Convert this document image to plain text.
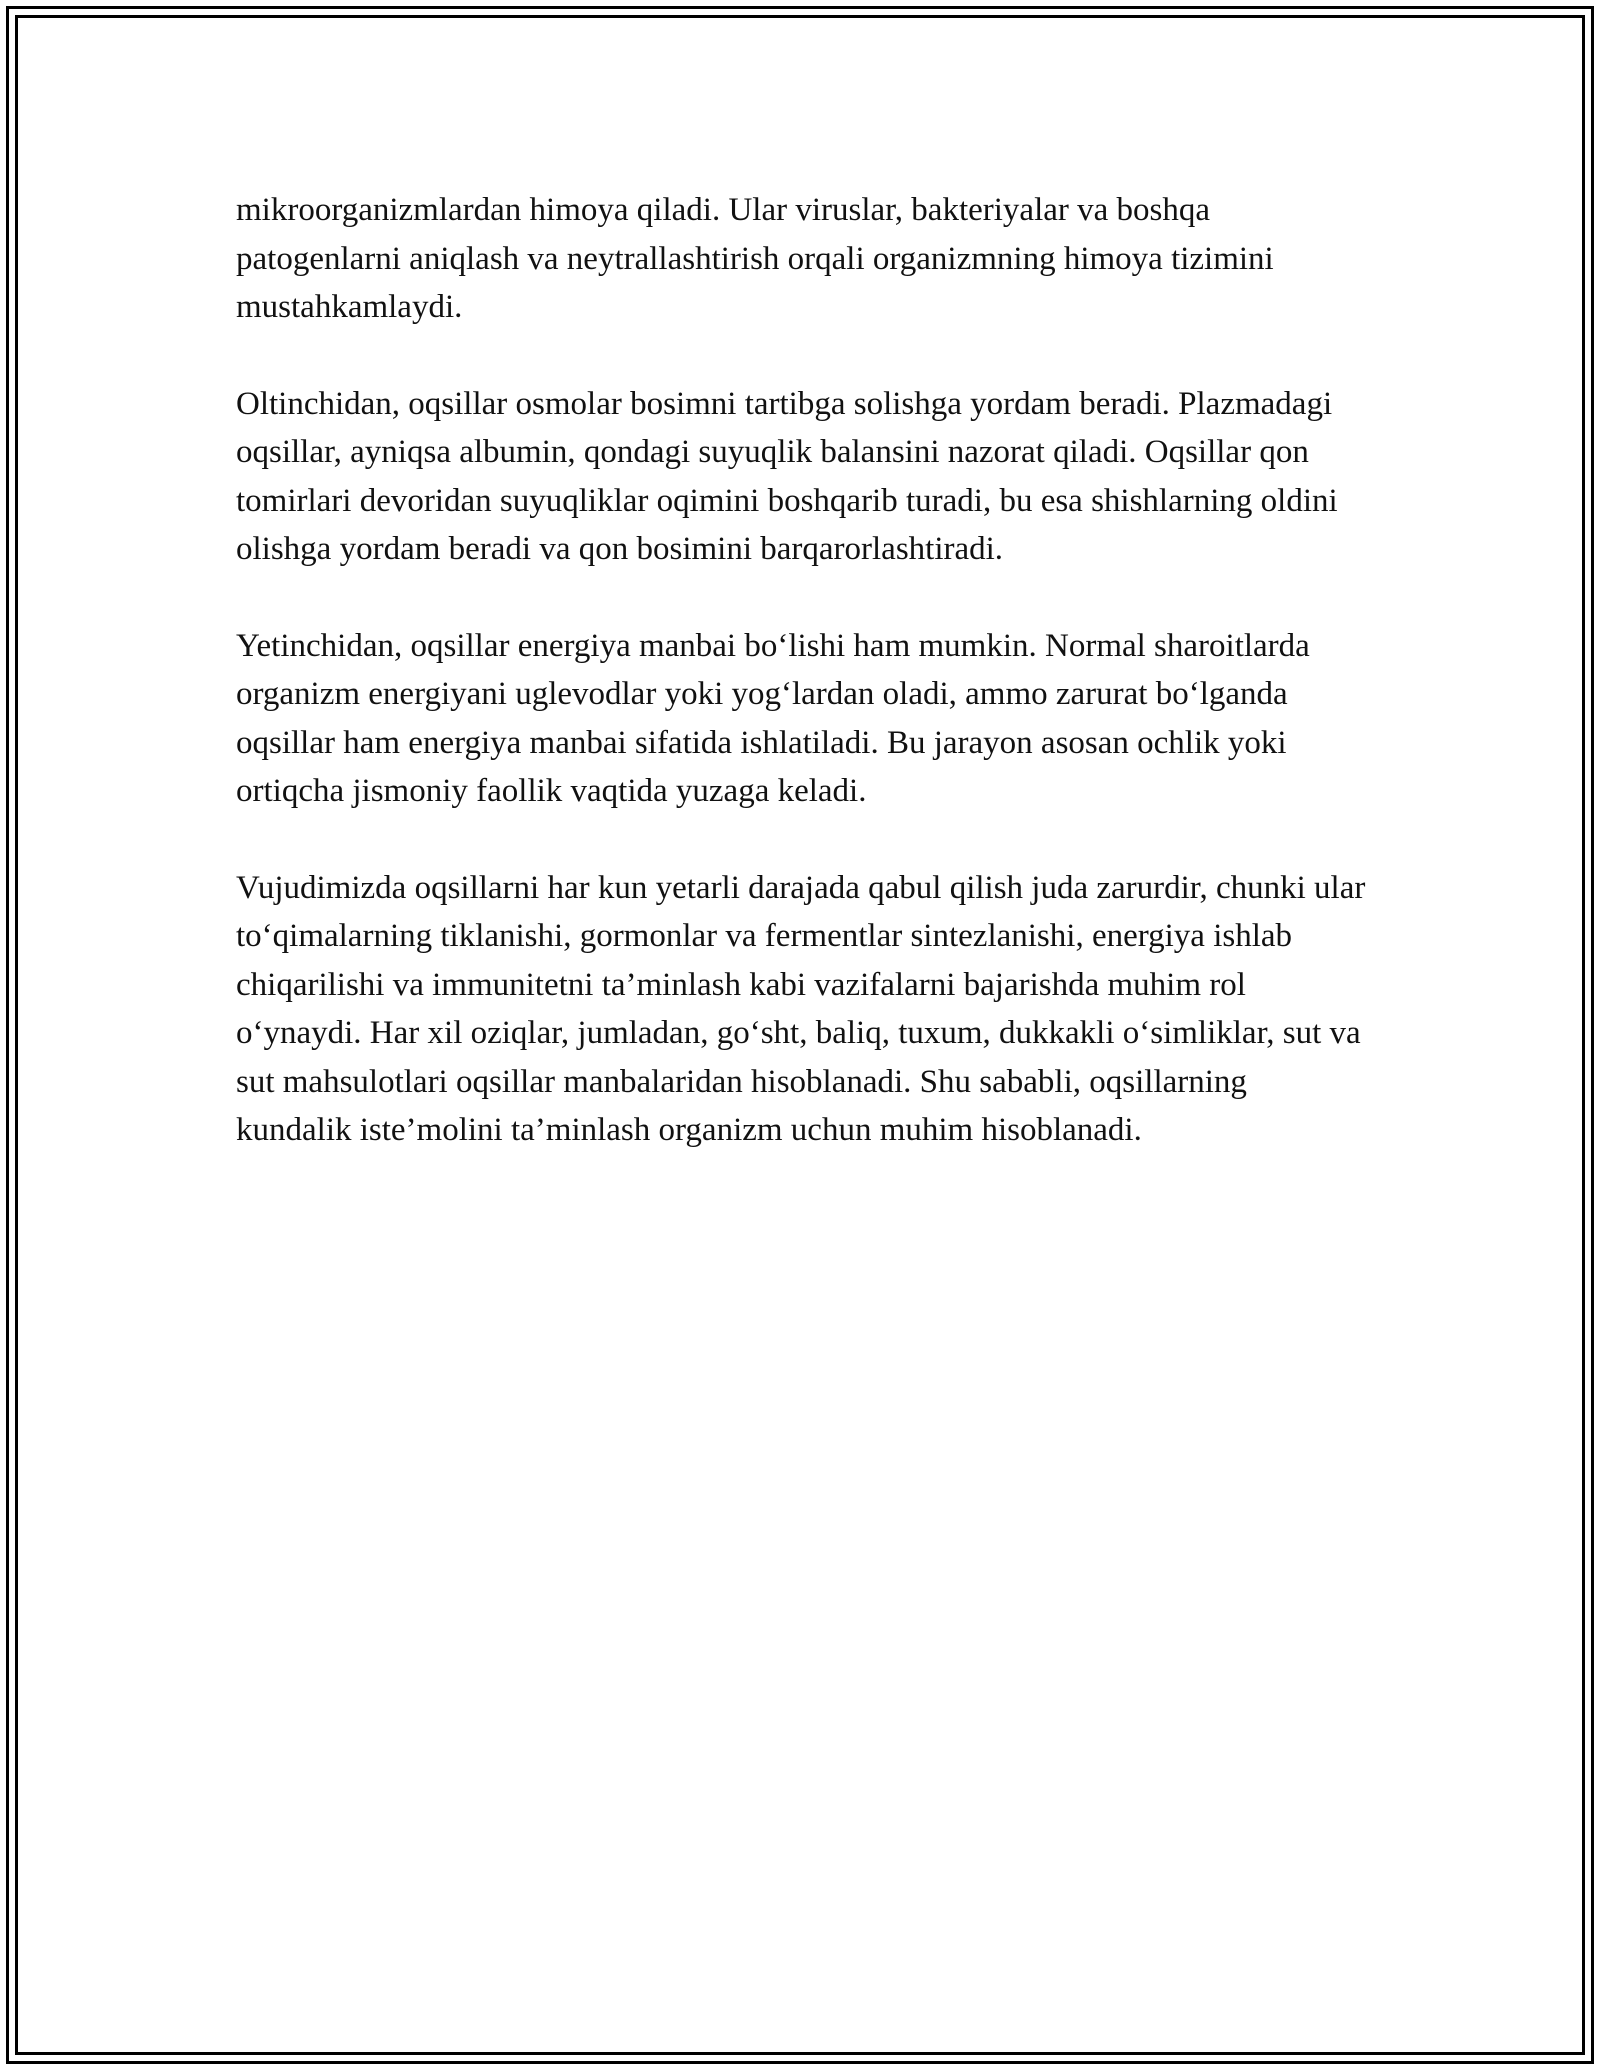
mikroorganizmlardan himoya qiladi. Ular viruslar, bakteriyalar va boshqa patogenlarni aniqlash va neytrallashtirish orqali organizmning himoya tizimini mustahkamlaydi.

Oltinchidan, oqsillar osmolar bosimni tartibga solishga yordam beradi. Plazmadagi oqsillar, ayniqsa albumin, qondagi suyuqlik balansini nazorat qiladi. Oqsillar qon tomirlari devoridan suyuqliklar oqimini boshqarib turadi, bu esa shishlarning oldini olishga yordam beradi va qon bosimini barqarorlashtiradi.

Yetinchidan, oqsillar energiya manbai bo‘lishi ham mumkin. Normal sharoitlarda organizm energiyani uglevodlar yoki yog‘lardan oladi, ammo zarurat bo‘lganda oqsillar ham energiya manbai sifatida ishlatiladi. Bu jarayon asosan ochlik yoki ortiqcha jismoniy faollik vaqtida yuzaga keladi.

Vujudimizda oqsillarni har kun yetarli darajada qabul qilish juda zarurdir, chunki ular to‘qimalarning tiklanishi, gormonlar va fermentlar sintezlanishi, energiya ishlab chiqarilishi va immunitetni ta’minlash kabi vazifalarni bajarishda muhim rol o‘ynaydi. Har xil oziqlar, jumladan, go‘sht, baliq, tuxum, dukkakli o‘simliklar, sut va sut mahsulotlari oqsillar manbalaridan hisoblanadi. Shu sababli, oqsillarning kundalik iste’molini ta’minlash organizm uchun muhim hisoblanadi.
